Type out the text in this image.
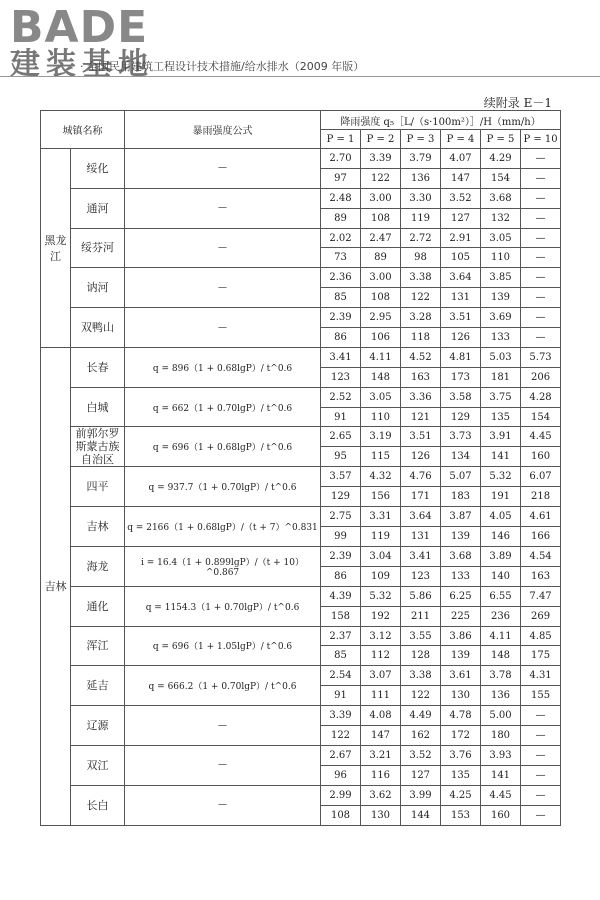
BADE
建装基地
· 全国民用建筑工程设计技术措施/给水排水（2009 年版）
续附录 E－1
城镇名称		暴雨强度公式	降雨强度 q₅［L/（s·100m²）］/H（mm/h）					
			P = 1	P = 2	P = 3	P = 4	P = 5	P = 10
黑龙江	绥化	—	2.70	3.39	3.79	4.07	4.29	—
			97	122	136	147	154	—
	通河	—	2.48	3.00	3.30	3.52	3.68	—
			89	108	119	127	132	—
	绥芬河	—	2.02	2.47	2.72	2.91	3.05	—
			73	89	98	105	110	—
	讷河	—	2.36	3.00	3.38	3.64	3.85	—
			85	108	122	131	139	—
	双鸭山	—	2.39	2.95	3.28	3.51	3.69	—
			86	106	118	126	133	—
吉林	长春	q = 896（1 + 0.68lgP）/ t^0.6	3.41	4.11	4.52	4.81	5.03	5.73
			123	148	163	173	181	206
	白城	q = 662（1 + 0.70lgP）/ t^0.6	2.52	3.05	3.36	3.58	3.75	4.28
			91	110	121	129	135	154
	前郭尔罗斯蒙古族自治区	q = 696（1 + 0.68lgP）/ t^0.6	2.65	3.19	3.51	3.73	3.91	4.45
			95	115	126	134	141	160
	四平	q = 937.7（1 + 0.70lgP）/ t^0.6	3.57	4.32	4.76	5.07	5.32	6.07
			129	156	171	183	191	218
	吉林	q = 2166（1 + 0.68lgP）/（t + 7）^0.831	2.75	3.31	3.64	3.87	4.05	4.61
			99	119	131	139	146	166
	海龙	i = 16.4（1 + 0.899lgP）/（t + 10）^0.867	2.39	3.04	3.41	3.68	3.89	4.54
			86	109	123	133	140	163
	通化	q = 1154.3（1 + 0.70lgP）/ t^0.6	4.39	5.32	5.86	6.25	6.55	7.47
			158	192	211	225	236	269
	浑江	q = 696（1 + 1.05lgP）/ t^0.6	2.37	3.12	3.55	3.86	4.11	4.85
			85	112	128	139	148	175
	延吉	q = 666.2（1 + 0.70lgP）/ t^0.6	2.54	3.07	3.38	3.61	3.78	4.31
			91	111	122	130	136	155
	辽源	—	3.39	4.08	4.49	4.78	5.00	—
			122	147	162	172	180	—
	双江	—	2.67	3.21	3.52	3.76	3.93	—
			96	116	127	135	141	—
	长白	—	2.99	3.62	3.99	4.25	4.45	—
			108	130	144	153	160	—
